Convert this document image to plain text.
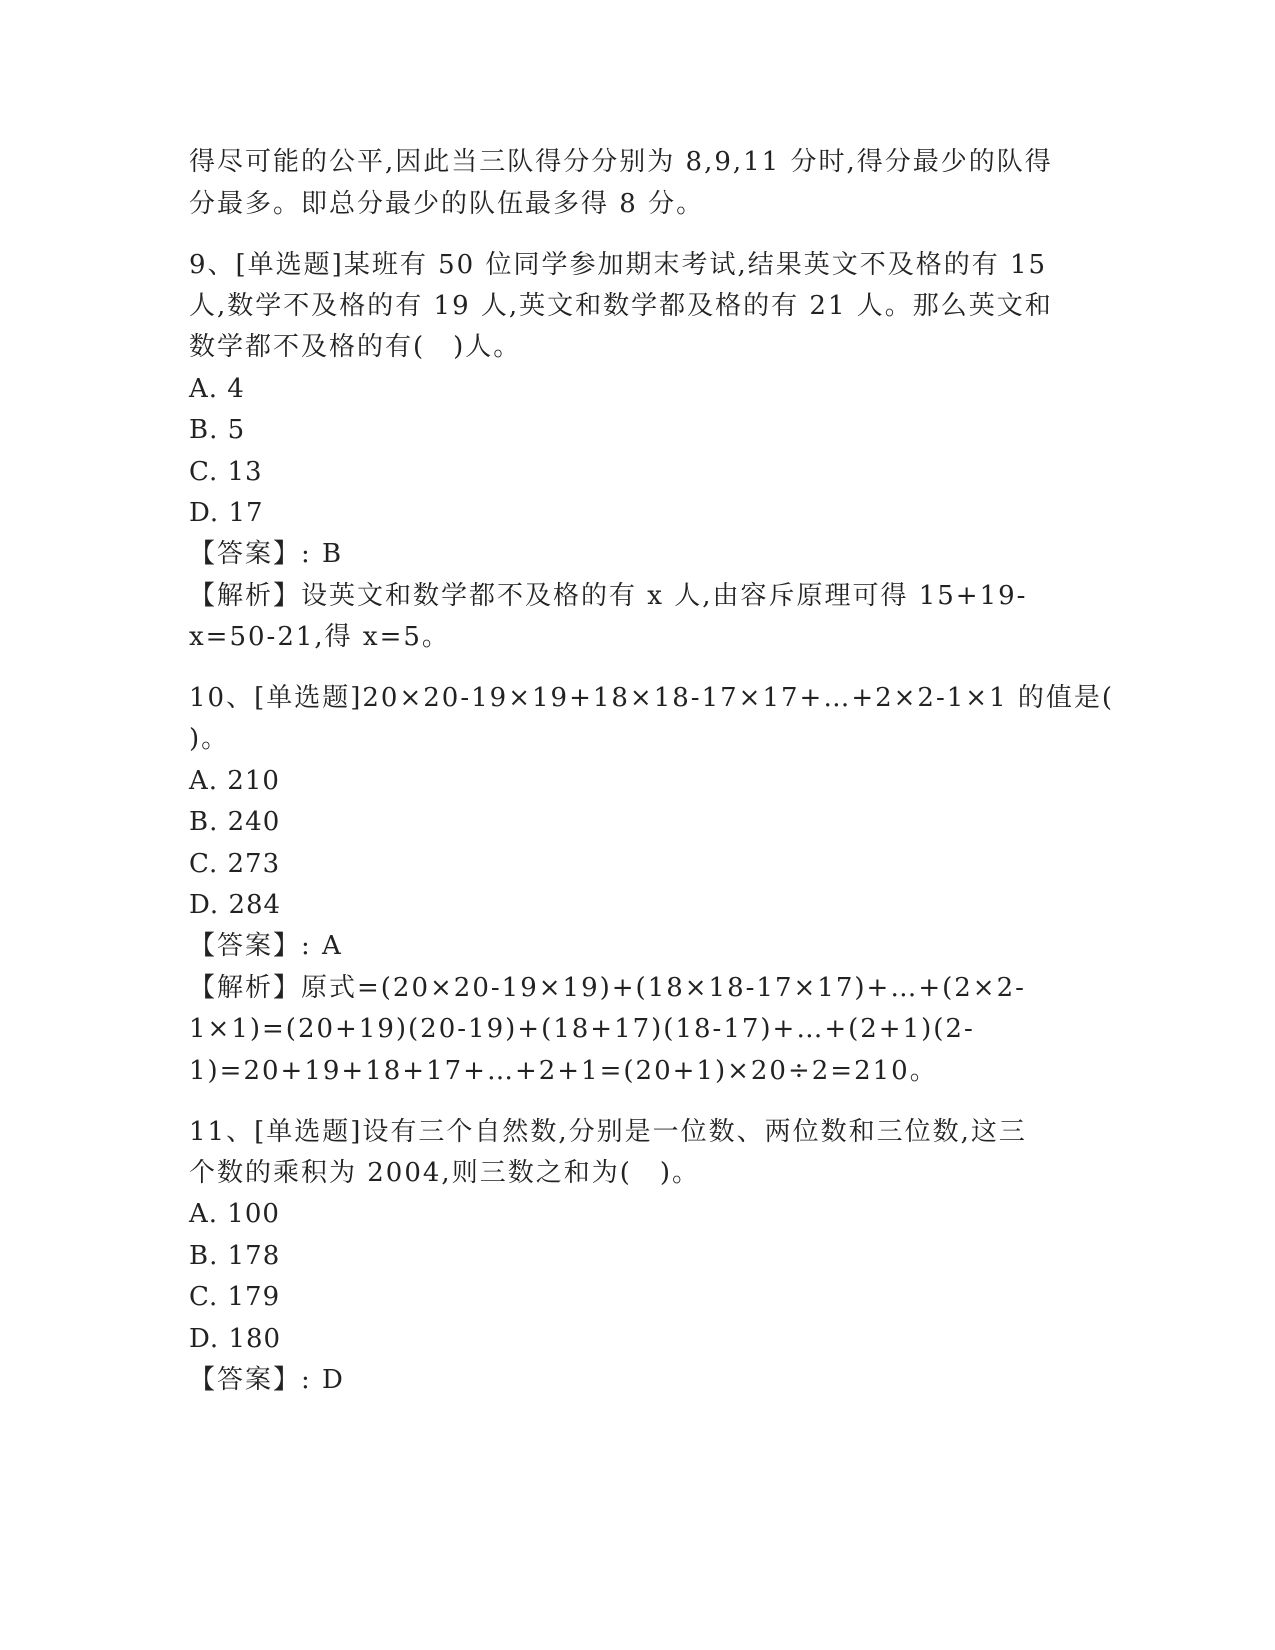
得尽可能的公平,因此当三队得分分别为 8,9,11 分时,得分最少的队得
分最多。即总分最少的队伍最多得 8 分。
9、[单选题]某班有 50 位同学参加期末考试,结果英文不及格的有 15
人,数学不及格的有 19 人,英文和数学都及格的有 21 人。那么英文和
数学都不及格的有(　)人。
A. 4
B. 5
C. 13
D. 17
【答案】: B
【解析】设英文和数学都不及格的有 x 人,由容斥原理可得 15+19-
x=50-21,得 x=5。
10、[单选题]20×20-19×19+18×18-17×17+…+2×2-1×1 的值是(
)。
A. 210
B. 240
C. 273
D. 284
【答案】: A
【解析】原式=(20×20-19×19)+(18×18-17×17)+…+(2×2-
1×1)=(20+19)(20-19)+(18+17)(18-17)+…+(2+1)(2-
1)=20+19+18+17+…+2+1=(20+1)×20÷2=210。
11、[单选题]设有三个自然数,分别是一位数、两位数和三位数,这三
个数的乘积为 2004,则三数之和为(　)。
A. 100
B. 178
C. 179
D. 180
【答案】: D
